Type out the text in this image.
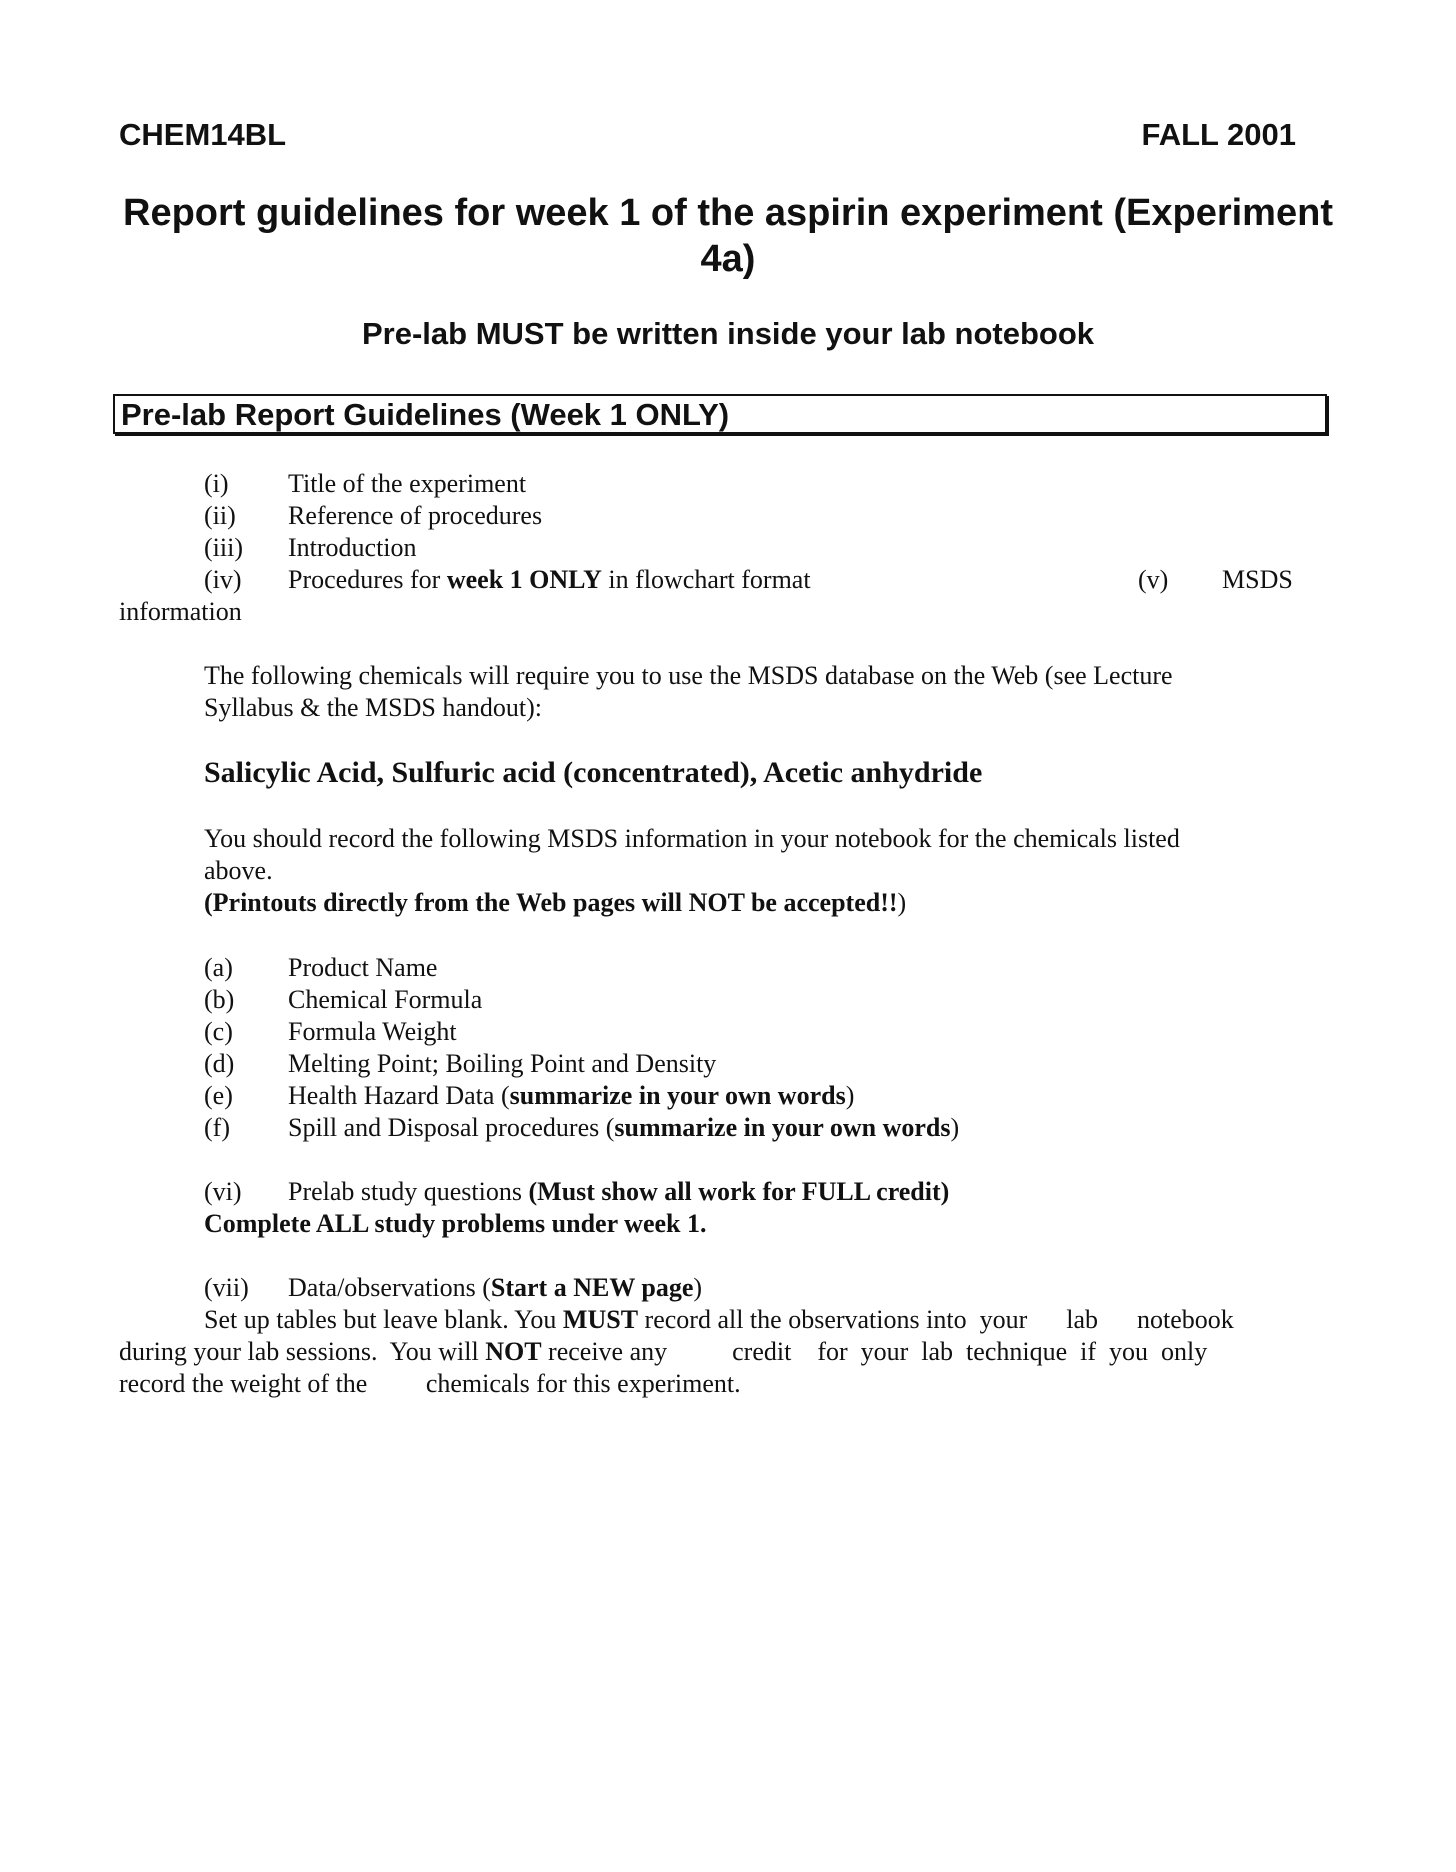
CHEM14BL	FALL 2001
Report guidelines for week 1 of the aspirin experiment (Experiment 4a)
Pre-lab MUST be written inside your lab notebook
Pre-lab Report Guidelines (Week 1 ONLY)
(i) Title of the experiment
(ii) Reference of procedures
(iii) Introduction
(iv) Procedures for week 1 ONLY in flowchart format	(v) MSDS
information
The following chemicals will require you to use the MSDS database on the Web (see Lecture
Syllabus & the MSDS handout):
Salicylic Acid, Sulfuric acid (concentrated), Acetic anhydride
You should record the following MSDS information in your notebook for the chemicals listed
above.
(Printouts directly from the Web pages will NOT be accepted!!)
(a) Product Name
(b) Chemical Formula
(c) Formula Weight
(d) Melting Point; Boiling Point and Density
(e) Health Hazard Data (summarize in your own words)
(f) Spill and Disposal procedures (summarize in your own words)
(vi) Prelab study questions (Must show all work for FULL credit)
Complete ALL study problems under week 1.
(vii) Data/observations (Start a NEW page)
Set up tables but leave blank. You MUST record all the observations into  your      lab      notebook
during your lab sessions.  You will NOT receive any          credit    for  your  lab  technique  if  you  only
record the weight of the         chemicals for this experiment.
